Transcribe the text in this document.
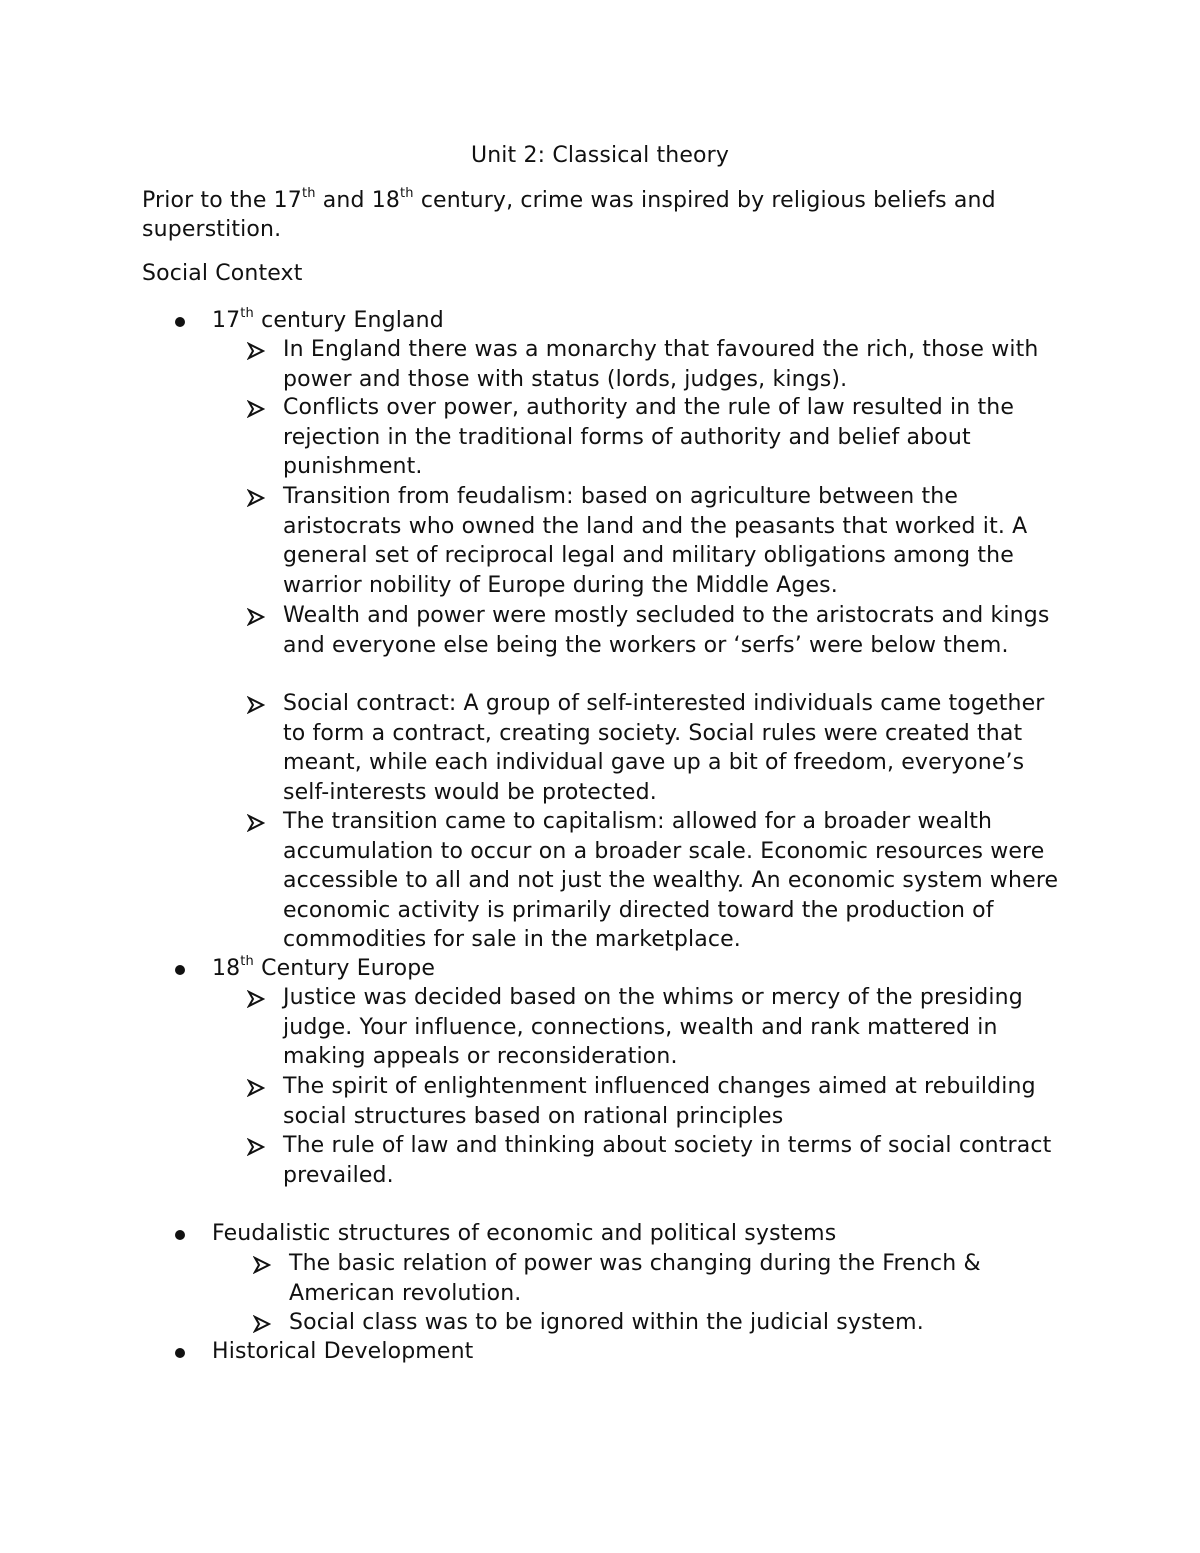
Unit 2: Classical theory
Prior to the 17th and 18th century, crime was inspired by religious beliefs and superstition.
Social Context
17th century England
In England there was a monarchy that favoured the rich, those with power and those with status (lords, judges, kings).
Conflicts over power, authority and the rule of law resulted in the rejection in the traditional forms of authority and belief about punishment.
Transition from feudalism: based on agriculture between the aristocrats who owned the land and the peasants that worked it. A general set of reciprocal legal and military obligations among the warrior nobility of Europe during the Middle Ages.
Wealth and power were mostly secluded to the aristocrats and kings and everyone else being the workers or ‘serfs’ were below them.
Social contract: A group of self-interested individuals came together to form a contract, creating society. Social rules were created that meant, while each individual gave up a bit of freedom, everyone’s self-interests would be protected.
The transition came to capitalism: allowed for a broader wealth accumulation to occur on a broader scale. Economic resources were accessible to all and not just the wealthy. An economic system where economic activity is primarily directed toward the production of commodities for sale in the marketplace.
18th Century Europe
Justice was decided based on the whims or mercy of the presiding judge. Your influence, connections, wealth and rank mattered in making appeals or reconsideration.
The spirit of enlightenment influenced changes aimed at rebuilding social structures based on rational principles
The rule of law and thinking about society in terms of social contract prevailed.
Feudalistic structures of economic and political systems
The basic relation of power was changing during the French & American revolution.
Social class was to be ignored within the judicial system.
Historical Development
